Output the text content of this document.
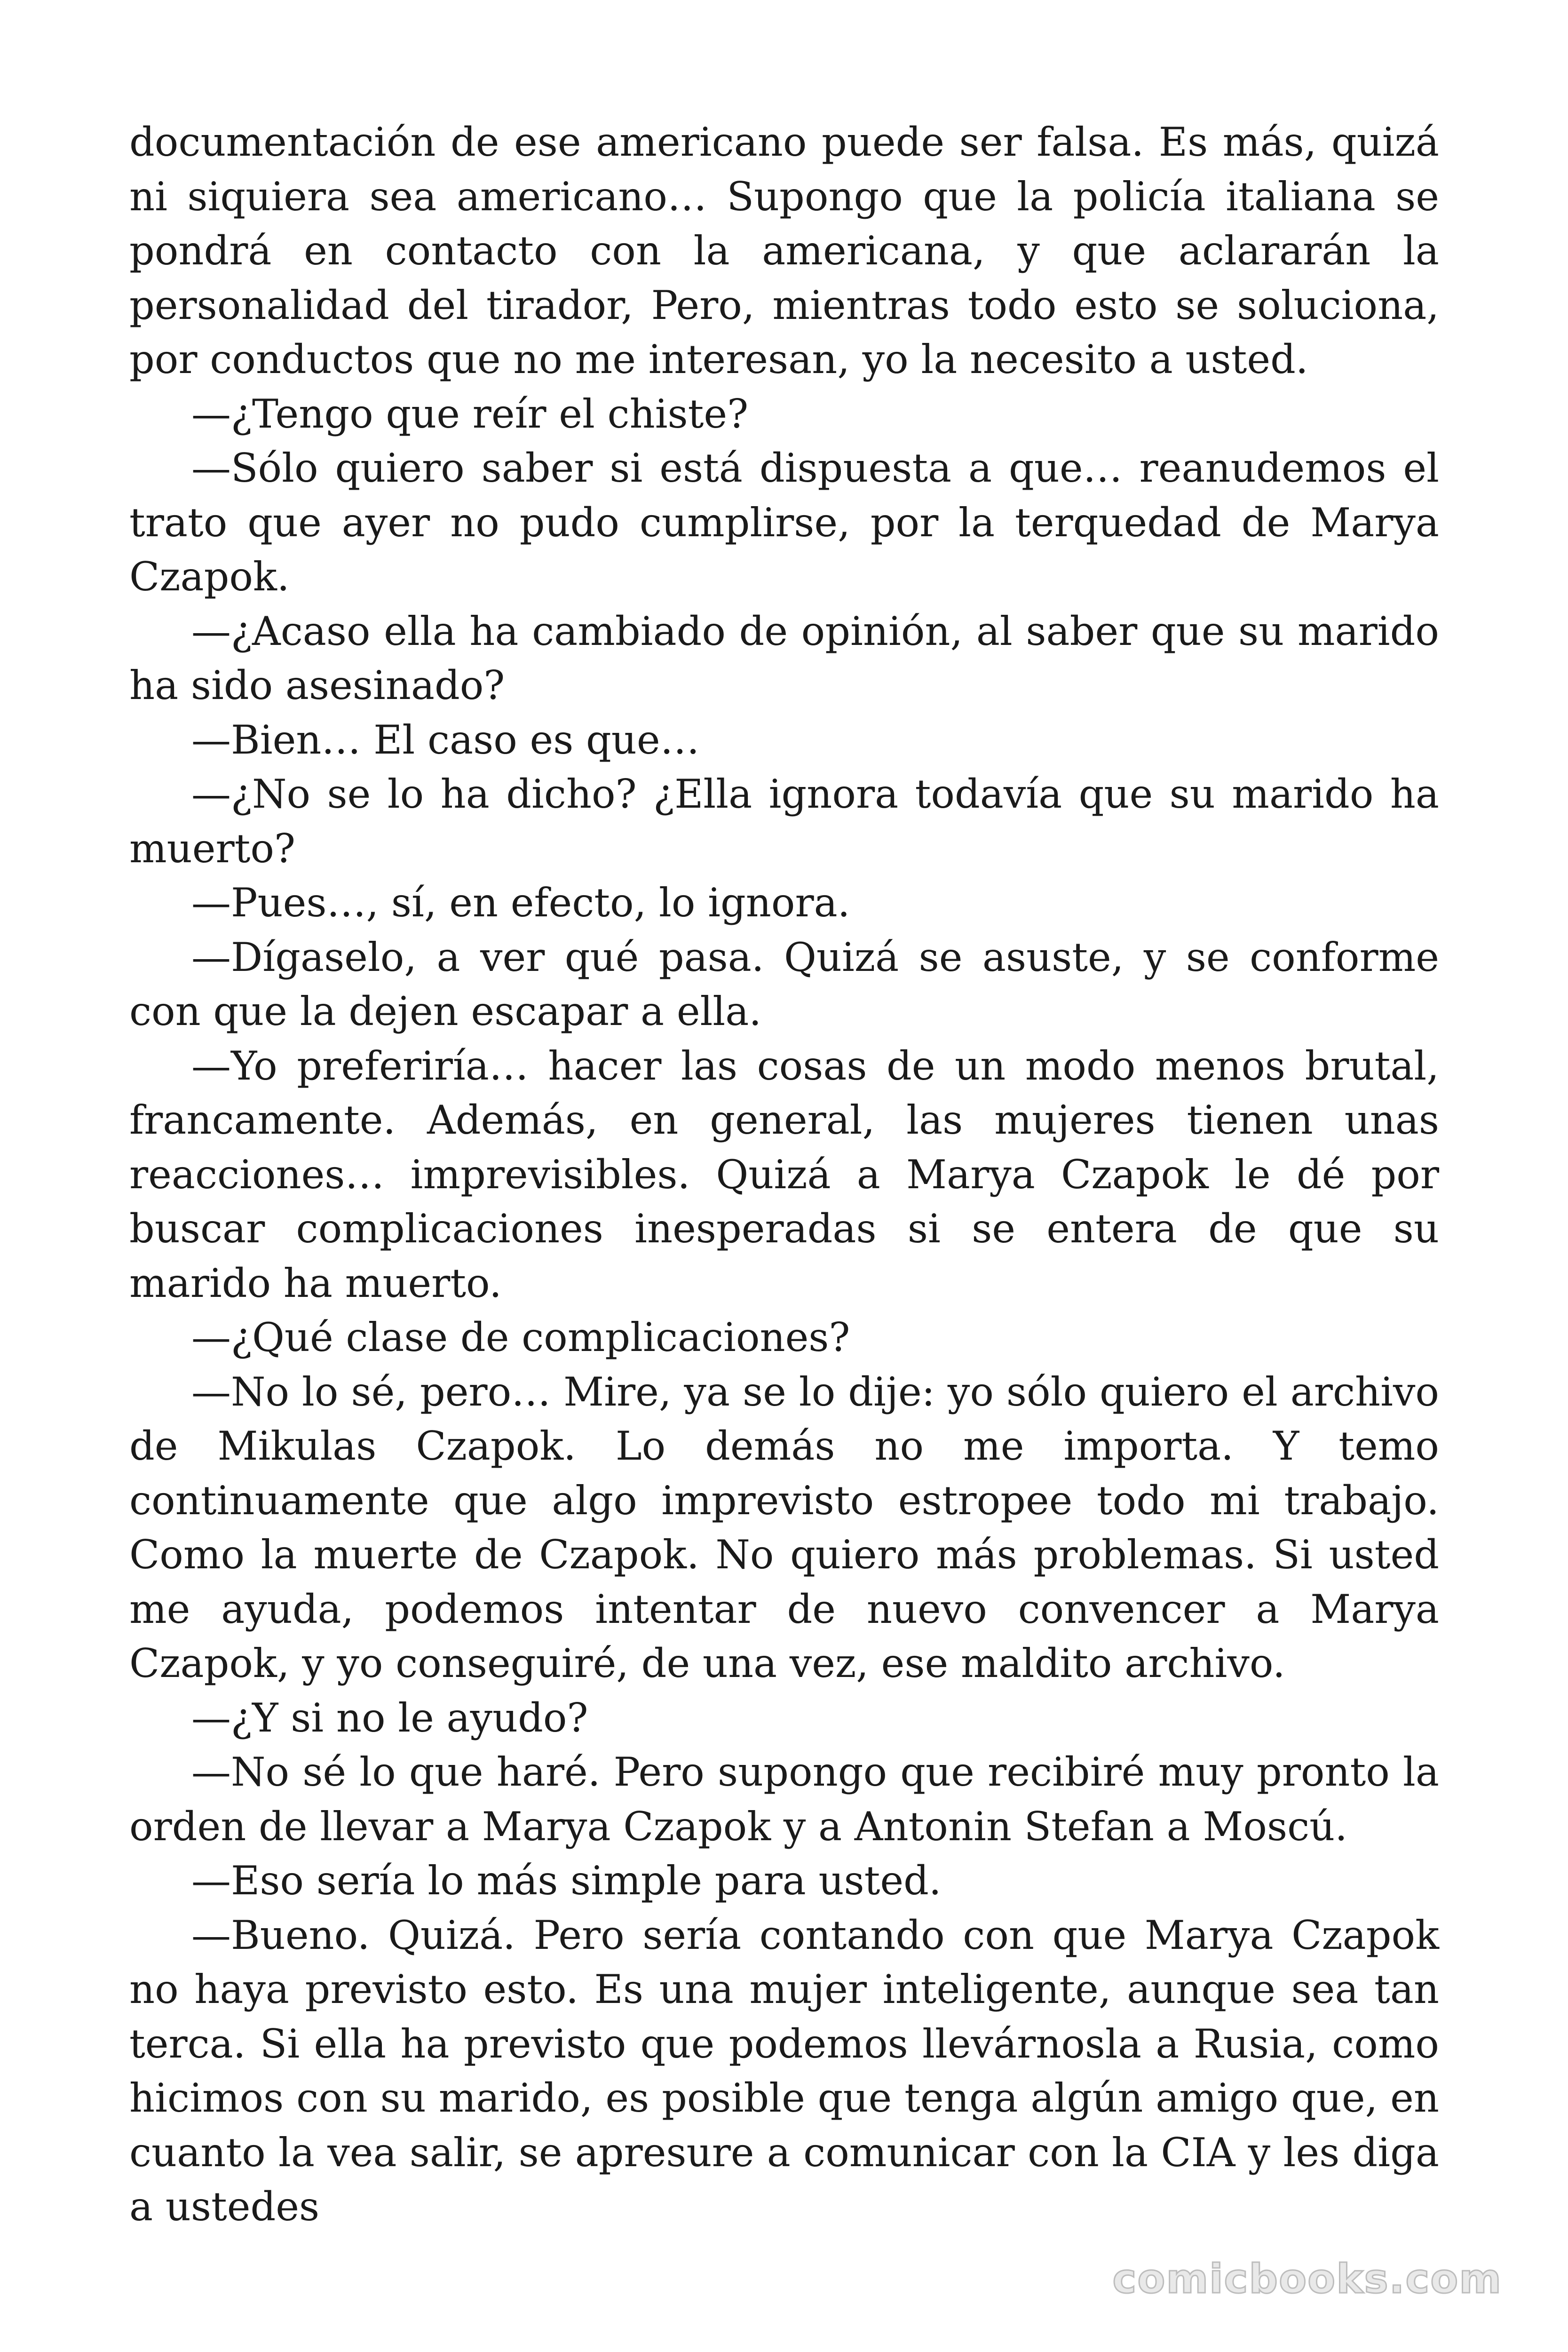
documentación de ese americano puede ser falsa. Es más, quizá ni siquiera sea americano… Supongo que la policía italiana se pondrá en contacto con la americana, y que aclararán la personalidad del tirador, Pero, mientras todo esto se soluciona, por conductos que no me interesan, yo la necesito a usted.

—¿Tengo que reír el chiste?

—Sólo quiero saber si está dispuesta a que… reanudemos el trato que ayer no pudo cumplirse, por la terquedad de Marya Czapok.

—¿Acaso ella ha cambiado de opinión, al saber que su marido ha sido asesinado?

—Bien… El caso es que…

—¿No se lo ha dicho? ¿Ella ignora todavía que su marido ha muerto?

—Pues…, sí, en efecto, lo ignora.

—Dígaselo, a ver qué pasa. Quizá se asuste, y se conforme con que la dejen escapar a ella.

—Yo preferiría… hacer las cosas de un modo menos brutal, francamente. Además, en general, las mujeres tienen unas reacciones… imprevisibles. Quizá a Marya Czapok le dé por buscar complicaciones inesperadas si se entera de que su marido ha muerto.

—¿Qué clase de complicaciones?

—No lo sé, pero… Mire, ya se lo dije: yo sólo quiero el archivo de Mikulas Czapok. Lo demás no me importa. Y temo continuamente que algo imprevisto estropee todo mi trabajo. Como la muerte de Czapok. No quiero más problemas. Si usted me ayuda, podemos intentar de nuevo convencer a Marya Czapok, y yo conseguiré, de una vez, ese maldito archivo.

—¿Y si no le ayudo?

—No sé lo que haré. Pero supongo que recibiré muy pronto la orden de llevar a Marya Czapok y a Antonin Stefan a Moscú.

—Eso sería lo más simple para usted.

—Bueno. Quizá. Pero sería contando con que Marya Czapok no haya previsto esto. Es una mujer inteligente, aunque sea tan terca. Si ella ha previsto que podemos llevárnosla a Rusia, como hicimos con su marido, es posible que tenga algún amigo que, en cuanto la vea salir, se apresure a comunicar con la CIA y les diga a ustedes

comicbooks.com
